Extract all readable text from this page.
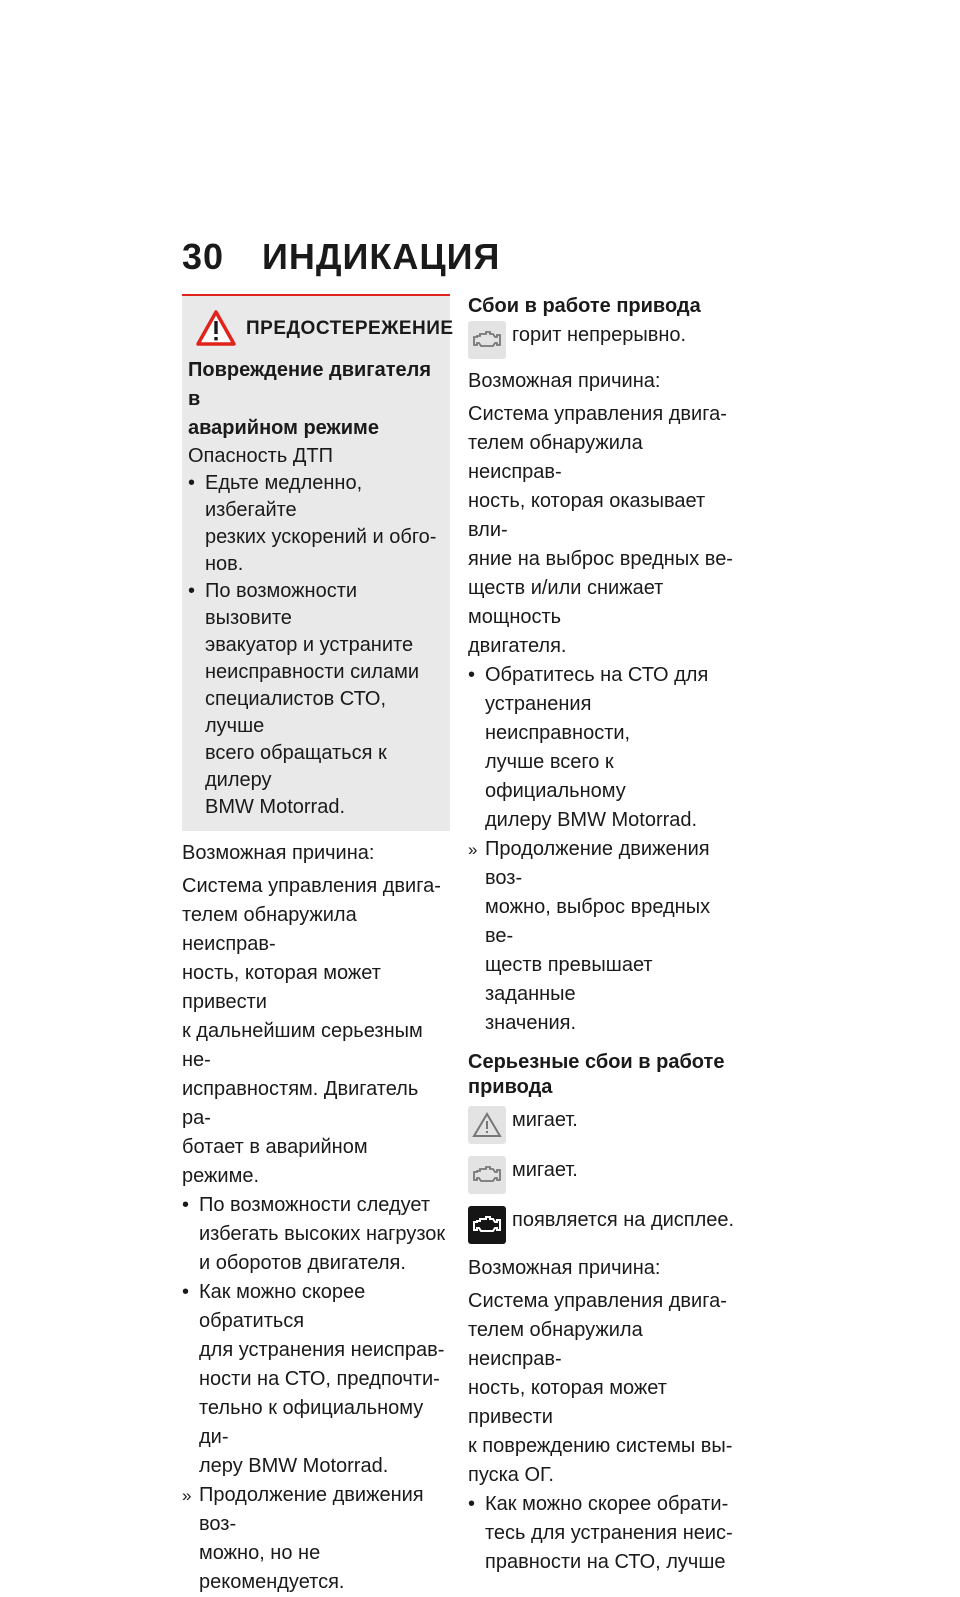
30	ИНДИКАЦИЯ
ПРЕДОСТЕРЕЖЕНИЕ
Повреждение двигателя в
аварийном режиме
Опасность ДТП
•
Едьте медленно, избегайте
резких ускорений и обго-
нов.
•
По возможности вызовите
эвакуатор и устраните
неисправности силами
специалистов СТО, лучше
всего обращаться к дилеру
BMW Motorrad.
Возможная причина:
Система управления двига-
телем обнаружила неисправ-
ность, которая может привести
к дальнейшим серьезным не-
исправностям. Двигатель ра-
ботает в аварийном режиме.
•
По возможности следует
избегать высоких нагрузок
и оборотов двигателя.
•
Как можно скорее обратиться
для устранения неисправ-
ности на СТО, предпочти-
тельно к официальному ди-
леру BMW Motorrad.
»
Продолжение движения воз-
можно, но не рекомендуется.
Сбои в работе привода
горит непрерывно.
Возможная причина:
Система управления двига-
телем обнаружила неисправ-
ность, которая оказывает вли-
яние на выброс вредных ве-
ществ и/или снижает мощность
двигателя.
•
Обратитесь на СТО для
устранения неисправности,
лучше всего к официальному
дилеру BMW Motorrad.
»
Продолжение движения воз-
можно, выброс вредных ве-
ществ превышает заданные
значения.
Серьезные сбои в работе
привода
мигает.
мигает.
появляется на дисплее.
Возможная причина:
Система управления двига-
телем обнаружила неисправ-
ность, которая может привести
к повреждению системы вы-
пуска ОГ.
•
Как можно скорее обрати-
тесь для устранения неис-
правности на СТО, лучше
